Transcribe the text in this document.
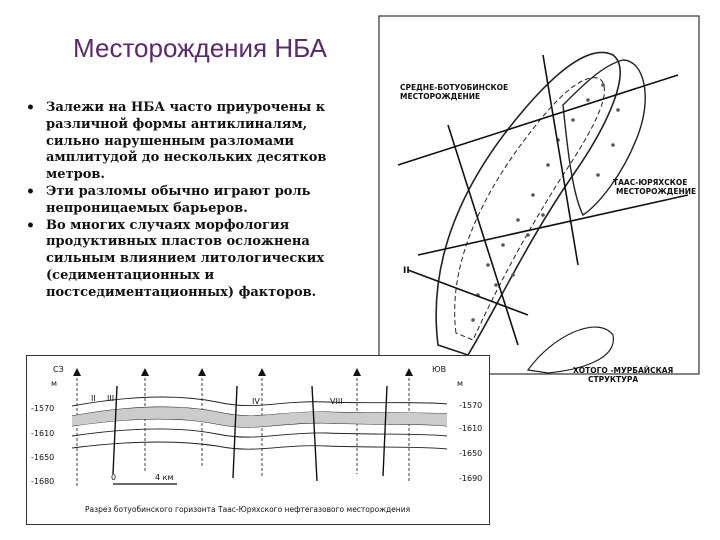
Месторождения НБА
• Залежи на НБА часто приурочены к различной формы антиклиналям, сильно нарушенным разломами амплитудой до нескольких десятков метров.
• Эти разломы обычно играют роль непроницаемых барьеров.
• Во многих случаях морфология продуктивных пластов осложнена сильным влиянием литологических (седиментационных и постседиментационных) факторов.
СРЕДНЕ-БОТУОБИНСКОЕ
МЕСТОРОЖДЕНИЕ
ТААС-ЮРЯХСКОЕ
МЕСТОРОЖДЕНИЕ
ХОТОГО -МУРБАЙСКАЯ
СТРУКТУРА
II
СЗ	ЮВ
м	м
-1570
-1610
-1650
-1680
-1570
-1610
-1650
-1690
II III	IV	VIII
0	4 км
Разрез ботуобинского горизонта Таас-Юряхского нефтегазового месторождения
